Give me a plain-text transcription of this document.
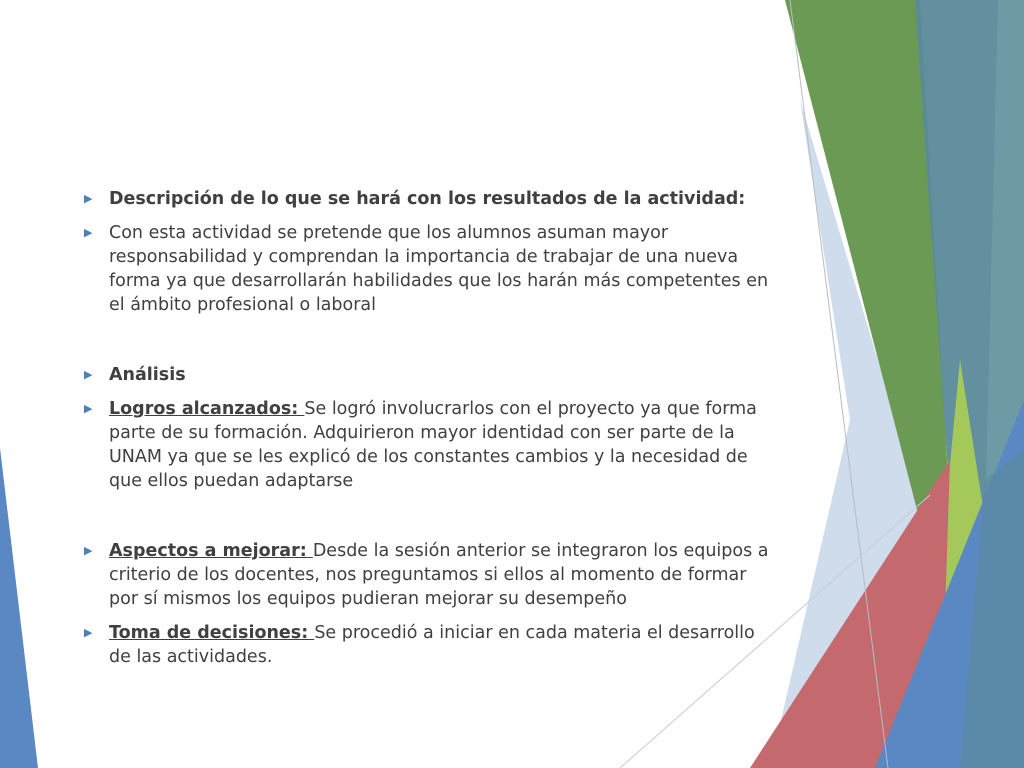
▶ Descripción de lo que se hará con los resultados de la actividad:
▶ Con esta actividad se pretende que los alumnos asuman mayor responsabilidad y comprendan la importancia de trabajar de una nueva forma ya que desarrollarán habilidades que los harán más competentes en el ámbito profesional o laboral
▶ Análisis
▶ Logros alcanzados: Se logró involucrarlos con el proyecto ya que forma parte de su formación. Adquirieron mayor identidad con ser parte de la UNAM ya que se les explicó de los constantes cambios y la necesidad de que ellos puedan adaptarse
▶ Aspectos a mejorar: Desde la sesión anterior se integraron los equipos a criterio de los docentes, nos preguntamos si ellos al momento de formar por sí mismos los equipos pudieran mejorar su desempeño
▶ Toma de decisiones: Se procedió a iniciar en cada materia el desarrollo de las actividades.
